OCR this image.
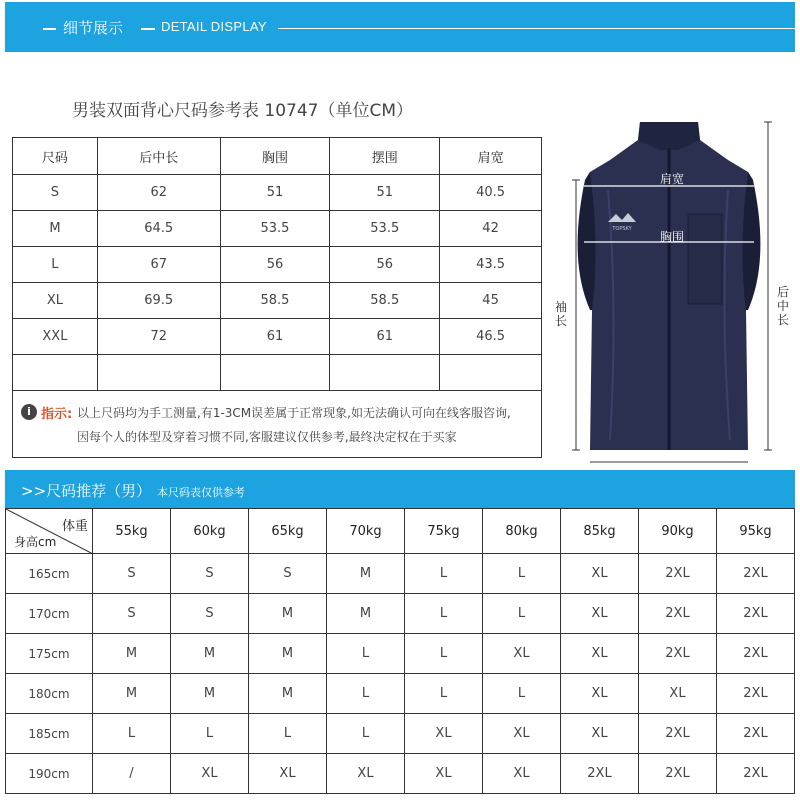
细节展示	DETAIL DISPLAY
男装双面背心尺码参考表 10747（单位CM）
尺码	后中长	胸围	摆围	肩宽
S	62	51	51	40.5
M	64.5	53.5	53.5	42
L	67	56	56	43.5
XL	69.5	58.5	58.5	45
XXL	72	61	61	46.5

i 指示: 以上尺码均为手工测量,有1-3CM误差属于正常现象,如无法确认可向在线客服咨询,
因每个人的体型及穿着习惯不同,客服建议仅供参考,最终决定权在于买家
TOPSKY
肩宽
胸围
袖长
后中长
>>尺码推荐（男） 本尺码表仅供参考
体重
身高cm	55kg	60kg	65kg	70kg	75kg	80kg	85kg	90kg	95kg
165cm	S	S	S	M	L	L	XL	2XL	2XL
170cm	S	S	M	M	L	L	XL	2XL	2XL
175cm	M	M	M	L	L	XL	XL	2XL	2XL
180cm	M	M	M	L	L	L	XL	XL	2XL
185cm	L	L	L	L	XL	XL	XL	2XL	2XL
190cm	/	XL	XL	XL	XL	XL	2XL	2XL	2XL
